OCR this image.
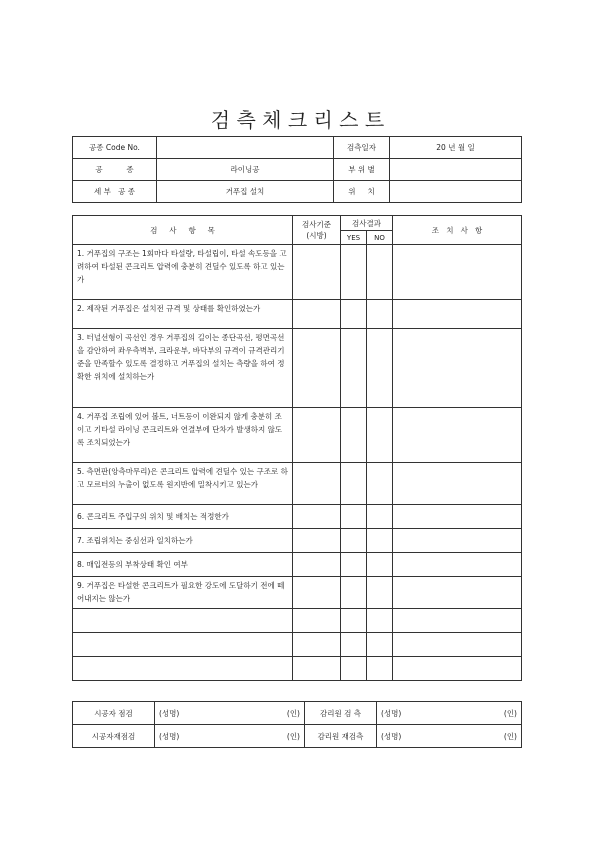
검 측 체 크 리 스 트
공종 Code No.		검측일자	20 년 월 일
공          종	라이닝공	부 위 별	
세 부   공 종	거푸집 설치	위     치	
검     사     항     목	검사기준
(시방)	검사결과		조   치   사   항
		YES	NO	
1. 거푸집의 구조는 1회마다 타설량, 타설립이, 타설 속도등을 고려하여 타설된 콘크리트 압력에 충분히 견딜수 있도록 하고 있는가				
2. 제작된 거푸집은 설치전 규격 및 상태를 확인하였는가				
3. 터널선형이 곡선인 경우 거푸집의 길이는 종단곡선, 평면곡선을 감안하여 좌우측벽부, 크라운부, 바닥부의 규격이 규격관리기준을 만족할수 있도록 결정하고 거푸집의 설치는 측량을 하여 정확한 위치에 설치하는가				
4. 거푸집 조립에 있어 볼트, 너트등이 이완되지 않게 충분히 조이고 기타설 라이닝 콘크리트와 연결부에 단차가 발생하지 않도록 조치되었는가				
5. 측면판(앙측마무리)은 콘크리트 압력에 견딜수 있는 구조로 하고 모르터의 누출이 없도록 원지반에 밀착시키고 있는가				
6. 콘크리트 주입구의 위치 및 배치는 적정한가				
7. 조립위치는 중심선과 일치하는가				
8. 매입전등의 부착상태 확인 여부				
9. 거푸집은 타설한 콘크리트가 필요한 강도에 도달하기 전에 떼어내지는 않는가				

시공자 점검	(성명) (인)	감리원 검 측	(성명) (인)

시공자재점검	(성명) (인)	감리원 재검측	(성명) (인)
